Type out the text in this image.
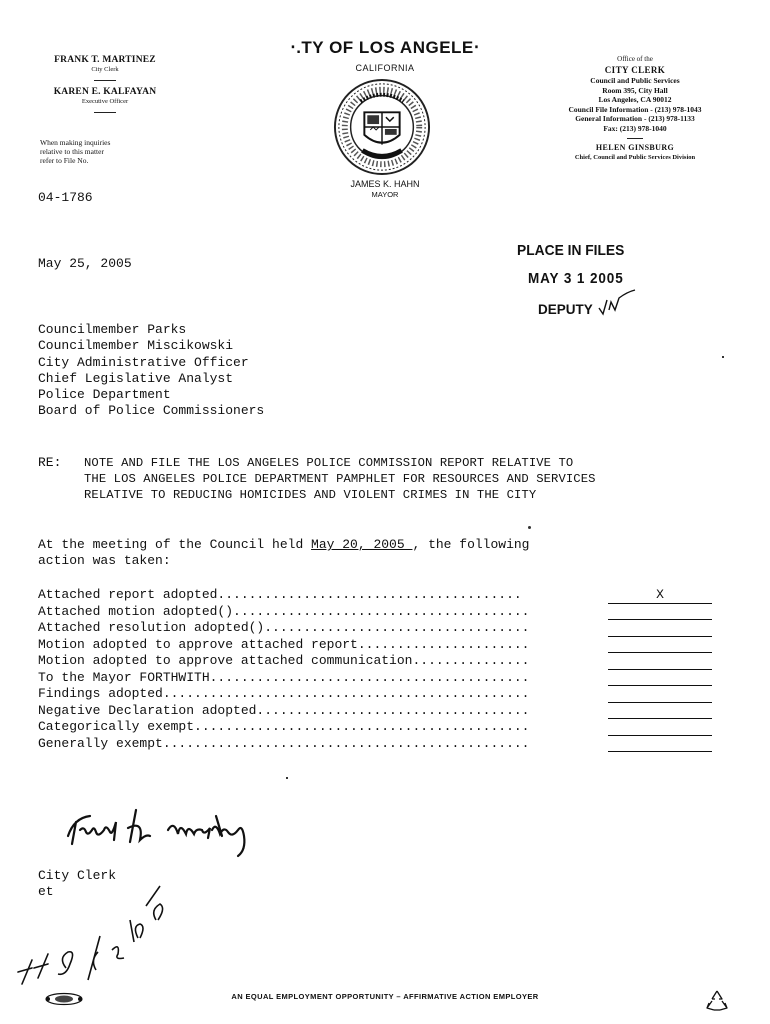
FRANK T. MARTINEZ
City Clerk
KAREN E. KALFAYAN
Executive Officer
When making inquiries
relative to this matter
refer to File No.
04-1786
‧.TY OF LOS ANGELE‧
CALIFORNIA
JAMES K. HAHN
MAYOR
Office of the
CITY CLERK
Council and Public Services
Room 395, City Hall
Los Angeles, CA 90012
Council File Information - (213) 978-1043
General Information - (213) 978-1133
Fax: (213) 978-1040
HELEN GINSBURG
Chief, Council and Public Services Division
May 25, 2005
PLACE IN FILES
MAY 3 1 2005
DEPUTY
Councilmember Parks
Councilmember Miscikowski
City Administrative Officer
Chief Legislative Analyst
Police Department
Board of Police Commissioners
RE: NOTE AND FILE THE LOS ANGELES POLICE COMMISSION REPORT RELATIVE TO
THE LOS ANGELES POLICE DEPARTMENT PAMPHLET FOR RESOURCES AND SERVICES
RELATIVE TO REDUCING HOMICIDES AND VIOLENT CRIMES IN THE CITY
At the meeting of the Council held May 20, 2005 , the following
action was taken:
Attached report adopted.......................................
Attached motion adopted()......................................
Attached resolution adopted()..................................
Motion adopted to approve attached report......................
Motion adopted to approve attached communication...............
To the Mayor FORTHWITH.........................................
Findings adopted...............................................
Negative Declaration adopted...................................
Categorically exempt...........................................
Generally exempt...............................................
X
City Clerk
et
AN EQUAL EMPLOYMENT OPPORTUNITY – AFFIRMATIVE ACTION EMPLOYER
